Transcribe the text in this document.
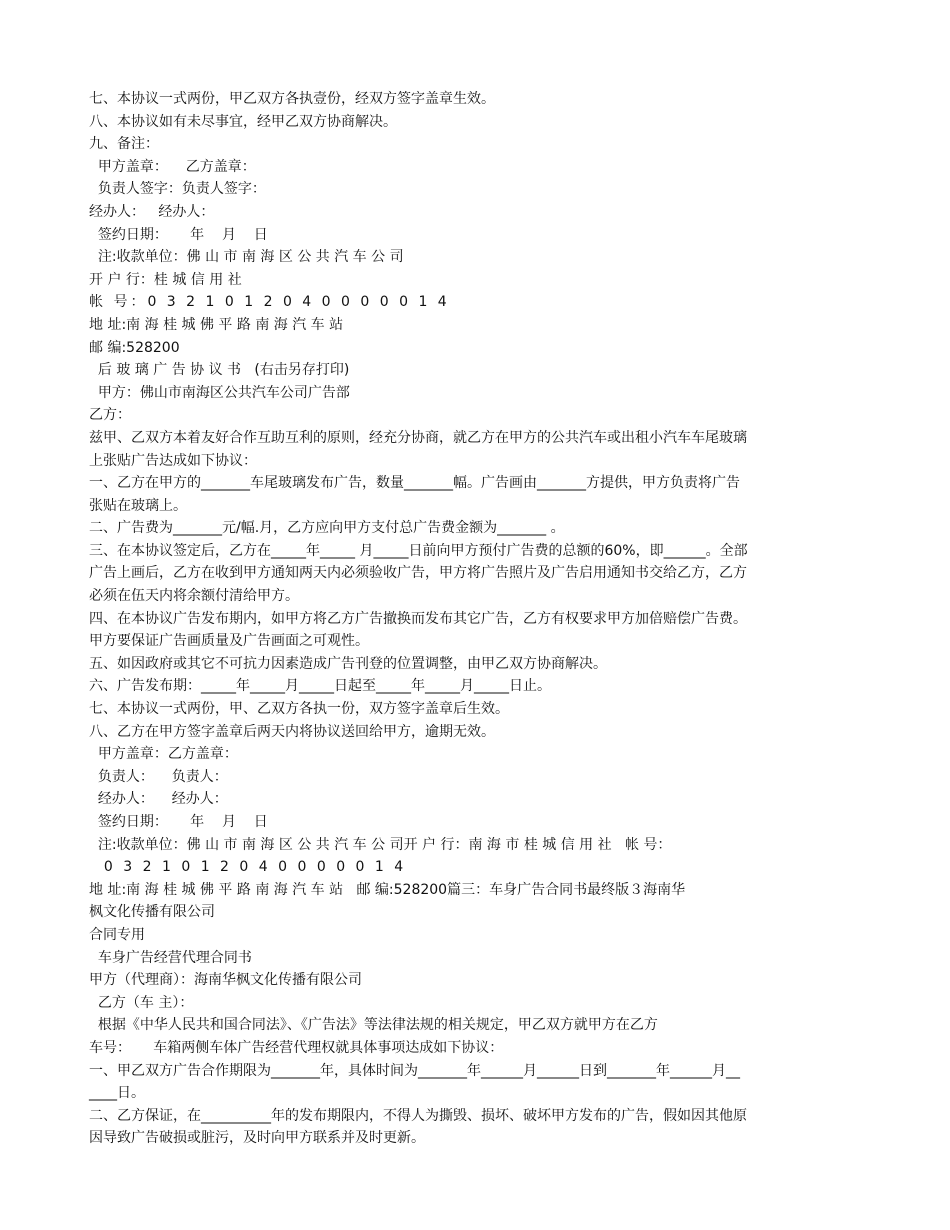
七、本协议一式两份，甲乙双方各执壹份，经双方签字盖章生效。
八、本协议如有未尽事宜，经甲乙双方协商解决。
九、备注：
甲方盖章：    乙方盖章：
负责人签字：负责人签字：
经办人：   经办人：
签约日期：     年    月    日
注:收款单位：佛 山 市 南 海 区 公 共 汽 车 公 司
开 户 行：桂 城 信 用 社
帐 号：0 3 2 1 0 1 2 0 4 0 0 0 0 0 1 4
地 址:南 海 桂 城 佛 平 路 南 海 汽 车 站
邮 编:528200
后 玻 璃 广 告 协 议 书   (右击另存打印)
甲方：佛山市南海区公共汽车公司广告部
乙方：
兹甲、乙双方本着友好合作互助互利的原则，经充分协商，就乙方在甲方的公共汽车或出租小汽车车尾玻璃
上张贴广告达成如下协议：
一、乙方在甲方的_______车尾玻璃发布广告，数量_______幅。广告画由_______方提供，甲方负责将广告
张贴在玻璃上。
二、广告费为_______元/幅.月，乙方应向甲方支付总广告费金额为_______ 。
三、在本协议签定后，乙方在_____年_____ 月_____日前向甲方预付广告费的总额的60%，即______。全部
广告上画后，乙方在收到甲方通知两天内必须验收广告，甲方将广告照片及广告启用通知书交给乙方，乙方
必须在伍天内将余额付清给甲方。
四、在本协议广告发布期内，如甲方将乙方广告撤换而发布其它广告，乙方有权要求甲方加倍赔偿广告费。
甲方要保证广告画质量及广告画面之可观性。
五、如因政府或其它不可抗力因素造成广告刊登的位置调整，由甲乙双方协商解决。
六、广告发布期：_____年_____月_____日起至_____年_____月_____日止。
七、本协议一式两份，甲、乙双方各执一份，双方签字盖章后生效。
八、乙方在甲方签字盖章后两天内将协议送回给甲方，逾期无效。
甲方盖章：乙方盖章：
负责人：    负责人：
经办人：    经办人：
签约日期：     年    月    日
注:收款单位：佛 山 市 南 海 区 公 共 汽 车 公 司开 户 行：南 海 市 桂 城 信 用 社   帐 号：
0 3 2 1 0 1 2 0 4 0 0 0 0 0 1 4
地 址:南 海 桂 城 佛 平 路 南 海 汽 车 站   邮 编:528200篇三：车身广告合同书最终版３海南华
枫文化传播有限公司
合同专用
车身广告经营代理合同书
甲方（代理商）：海南华枫文化传播有限公司
乙方（车 主）：
根据《中华人民共和国合同法》、《广告法》等法律法规的相关规定，甲乙双方就甲方在乙方
车号：     车箱两侧车体广告经营代理权就具体事项达成如下协议：
一、甲乙双方广告合作期限为_______年，具体时间为_______年______月______日到_______年______月__
____日。
二、乙方保证，在__________年的发布期限内，不得人为撕毁、损坏、破坏甲方发布的广告，假如因其他原
因导致广告破损或脏污，及时向甲方联系并及时更新。
